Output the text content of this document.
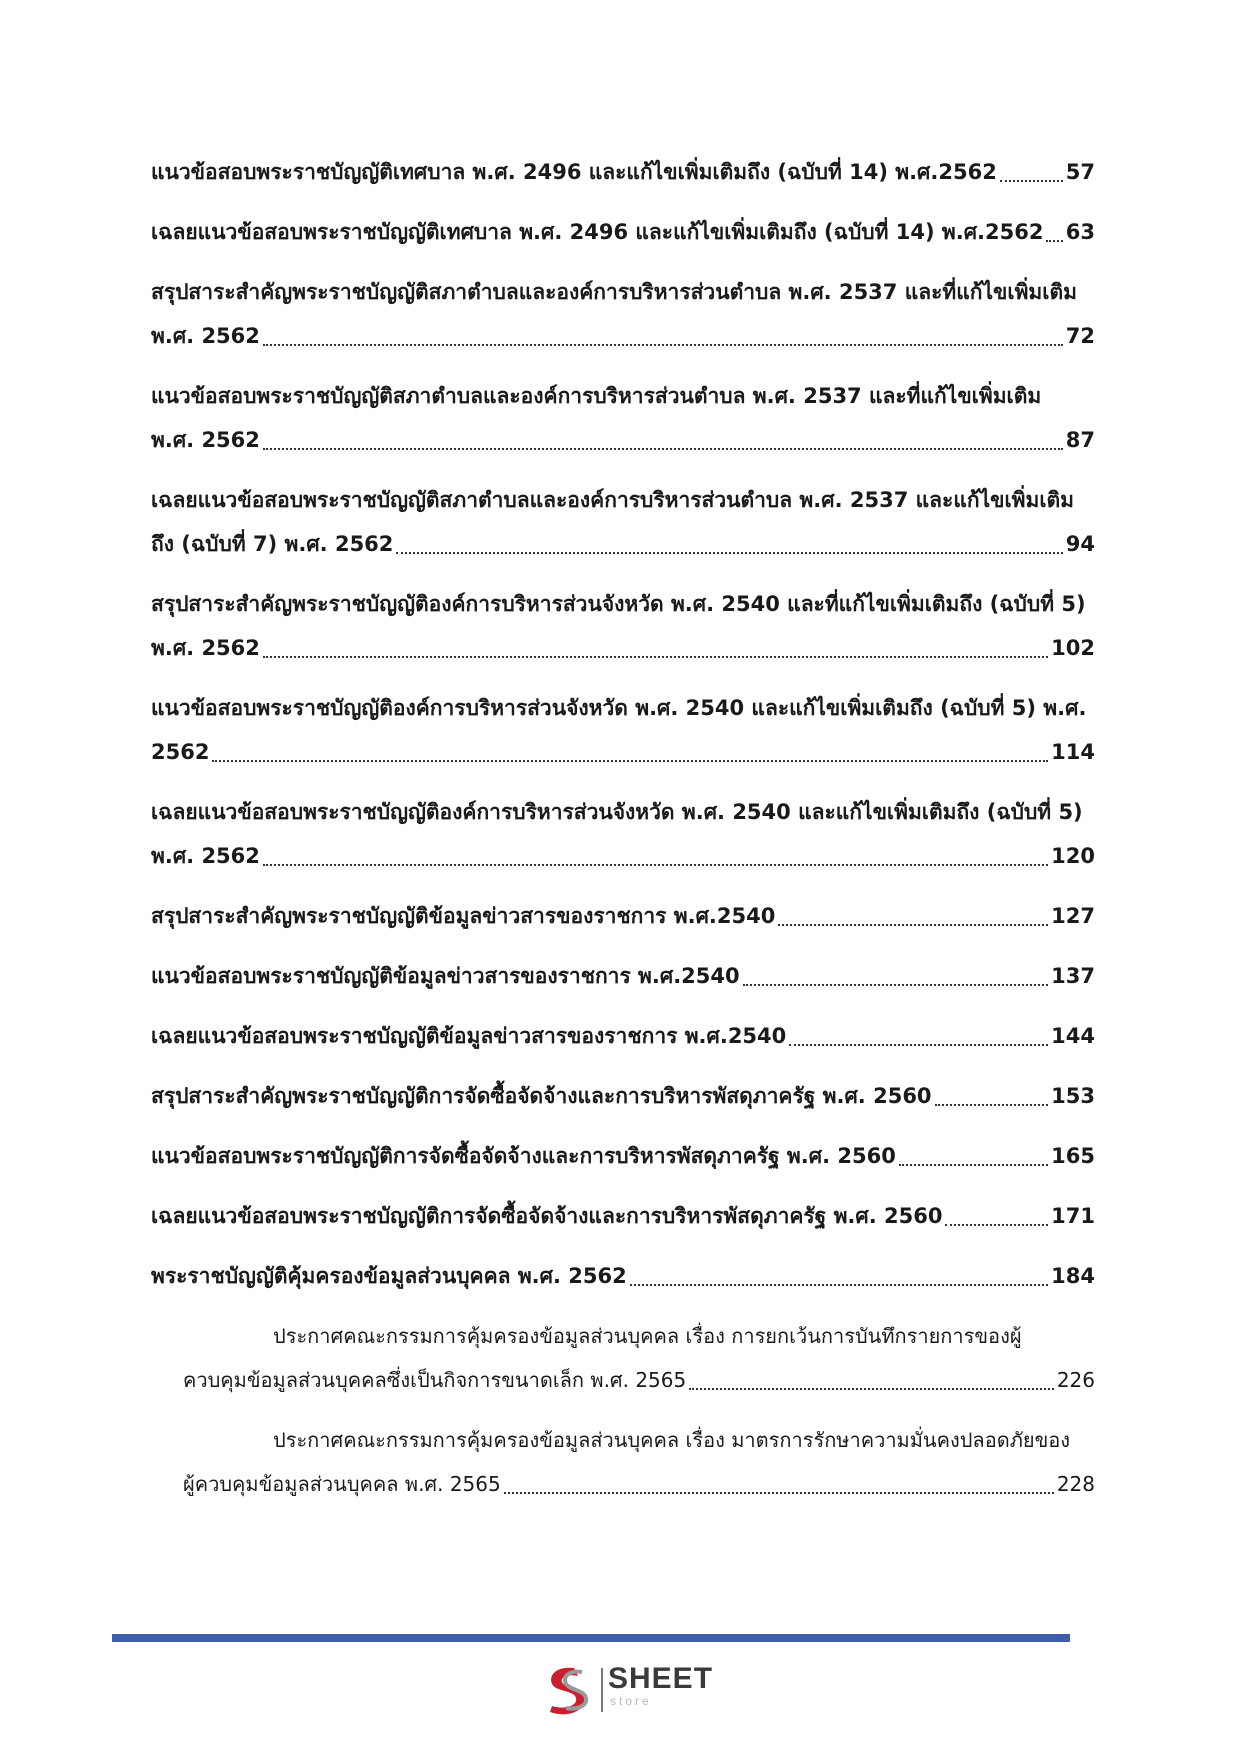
แนวข้อสอบพระราชบัญญัติเทศบาล พ.ศ. 2496 และแก้ไขเพิ่มเติมถึง (ฉบับที่ 14) พ.ศ.2562	57
เฉลยแนวข้อสอบพระราชบัญญัติเทศบาล พ.ศ. 2496 และแก้ไขเพิ่มเติมถึง (ฉบับที่ 14) พ.ศ.2562 63
สรุปสาระสำคัญพระราชบัญญัติสภาตำบลและองค์การบริหารส่วนตำบล พ.ศ. 2537 และที่แก้ไขเพิ่มเติม
พ.ศ. 2562	72
แนวข้อสอบพระราชบัญญัติสภาตำบลและองค์การบริหารส่วนตำบล พ.ศ. 2537 และที่แก้ไขเพิ่มเติม
พ.ศ. 2562	87
เฉลยแนวข้อสอบพระราชบัญญัติสภาตำบลและองค์การบริหารส่วนตำบล พ.ศ. 2537 และแก้ไขเพิ่มเติม
ถึง (ฉบับที่ 7) พ.ศ. 2562	94
สรุปสาระสำคัญพระราชบัญญัติองค์การบริหารส่วนจังหวัด พ.ศ. 2540 และที่แก้ไขเพิ่มเติมถึง (ฉบับที่ 5)
พ.ศ. 2562	102
แนวข้อสอบพระราชบัญญัติองค์การบริหารส่วนจังหวัด พ.ศ. 2540 และแก้ไขเพิ่มเติมถึง (ฉบับที่ 5) พ.ศ.
2562	114
เฉลยแนวข้อสอบพระราชบัญญัติองค์การบริหารส่วนจังหวัด พ.ศ. 2540 และแก้ไขเพิ่มเติมถึง (ฉบับที่ 5)
พ.ศ. 2562	120
สรุปสาระสำคัญพระราชบัญญัติข้อมูลข่าวสารของราชการ พ.ศ.2540	127
แนวข้อสอบพระราชบัญญัติข้อมูลข่าวสารของราชการ พ.ศ.2540	137
เฉลยแนวข้อสอบพระราชบัญญัติข้อมูลข่าวสารของราชการ พ.ศ.2540	144
สรุปสาระสำคัญพระราชบัญญัติการจัดซื้อจัดจ้างและการบริหารพัสดุภาครัฐ พ.ศ. 2560	153
แนวข้อสอบพระราชบัญญัติการจัดซื้อจัดจ้างและการบริหารพัสดุภาครัฐ พ.ศ. 2560	165
เฉลยแนวข้อสอบพระราชบัญญัติการจัดซื้อจัดจ้างและการบริหารพัสดุภาครัฐ พ.ศ. 2560	171
พระราชบัญญัติคุ้มครองข้อมูลส่วนบุคคล พ.ศ. 2562	184
ประกาศคณะกรรมการคุ้มครองข้อมูลส่วนบุคคล เรื่อง การยกเว้นการบันทึกรายการของผู้
ควบคุมข้อมูลส่วนบุคคลซึ่งเป็นกิจการขนาดเล็ก พ.ศ. 2565	226
ประกาศคณะกรรมการคุ้มครองข้อมูลส่วนบุคคล เรื่อง มาตรการรักษาความมั่นคงปลอดภัยของ
ผู้ควบคุมข้อมูลส่วนบุคคล พ.ศ. 2565	228
SHEET
store
